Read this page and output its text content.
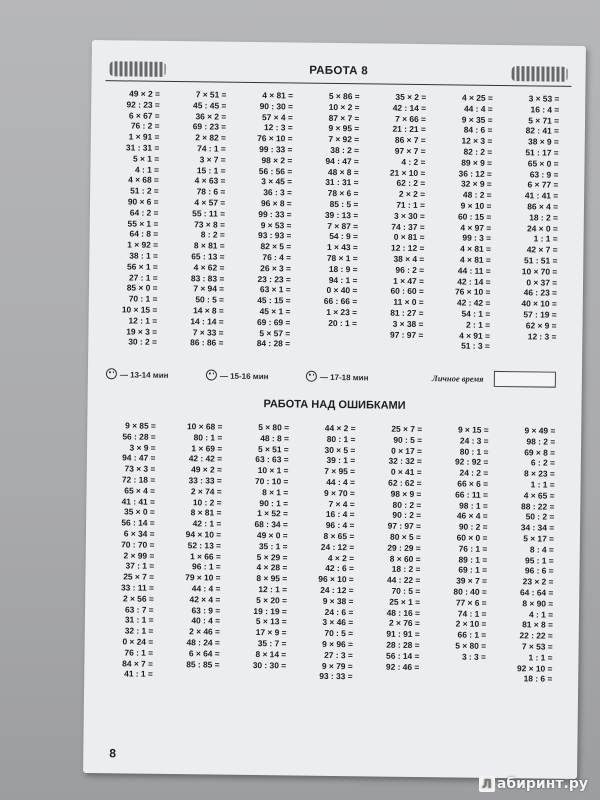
РАБОТА 8
49 × 2 =
92 : 23 =
6 × 67 =
76 : 2 =
1 × 91 =
31 : 31 =
5 × 1 =
4 : 1 =
4 × 68 =
51 : 2 =
90 × 6 =
64 : 2 =
55 × 1 =
64 : 8 =
1 × 92 =
38 : 1 =
56 × 1 =
27 : 1 =
85 × 0 =
70 : 1 =
10 × 15 =
12 : 1 =
19 × 3 =
30 : 2 =
7 × 51 =
45 : 45 =
36 × 2 =
69 : 23 =
2 × 82 =
74 : 1 =
3 × 7 =
15 : 1 =
4 × 63 =
78 : 6 =
4 × 57 =
55 : 11 =
73 × 8 =
8 : 2 =
8 × 81 =
65 : 13 =
4 × 62 =
83 : 83 =
7 × 94 =
50 : 5 =
14 × 8 =
14 : 14 =
7 × 33 =
86 : 86 =
4 × 81 =
90 : 30 =
57 × 4 =
12 : 3 =
76 × 10 =
99 : 33 =
98 × 2 =
56 : 56 =
3 × 45 =
36 : 3 =
96 × 8 =
99 : 33 =
9 × 53 =
93 : 93 =
82 × 5 =
76 : 4 =
26 × 3 =
23 : 23 =
63 × 1 =
45 : 15 =
45 × 1 =
69 : 69 =
5 × 57 =
84 : 28 =
5 × 86 =
10 × 2 =
87 × 7 =
9 × 95 =
7 × 92 =
38 : 2 =
94 : 47 =
48 × 8 =
31 : 31 =
78 × 6 =
85 : 5 =
39 : 13 =
7 × 87 =
54 : 9 =
1 × 43 =
78 × 1 =
18 : 9 =
94 : 1 =
0 × 40 =
66 : 66 =
1 × 23 =
20 : 1 =
35 × 2 =
42 : 14 =
7 × 66 =
21 : 21 =
86 × 7 =
97 × 7 =
4 : 2 =
21 × 10 =
62 : 2 =
2 × 2 =
71 : 1 =
3 × 30 =
74 : 37 =
0 × 81 =
12 : 12 =
38 × 4 =
96 : 2 =
1 × 47 =
60 : 60 =
11 × 0 =
81 : 27 =
3 × 38 =
97 : 97 =
4 × 25 =
44 : 4 =
9 × 35 =
84 : 6 =
12 × 3 =
82 : 2 =
89 × 9 =
36 : 12 =
32 × 9 =
48 : 2 =
9 × 10 =
60 : 15 =
4 × 97 =
99 : 3 =
4 × 81 =
4 × 81 =
44 : 11 =
42 : 14 =
76 × 10 =
42 : 42 =
54 : 1 =
2 : 1 =
4 × 91 =
51 : 3 =
3 × 53 =
16 : 4 =
5 × 71 =
82 : 41 =
38 × 9 =
51 : 17 =
65 × 0 =
63 : 9 =
6 × 77 =
41 : 41 =
86 × 4 =
18 : 2 =
24 × 0 =
1 : 1 =
42 × 7 =
51 : 51 =
10 × 70 =
0 × 37 =
46 : 23 =
40 × 10 =
57 : 19 =
62 × 9 =
12 : 3 =
— 13-14 мин	— 15-16 мин	— 17-18 мин	Личное время
РАБОТА НАД ОШИБКАМИ
9 × 85 =
56 : 28 =
3 × 9 =
94 : 47 =
73 × 3 =
72 : 18 =
65 × 4 =
41 : 41 =
35 × 0 =
56 : 14 =
6 × 34 =
70 : 70 =
2 × 99 =
37 : 1 =
25 × 7 =
33 : 11 =
2 × 56 =
63 : 7 =
31 : 1 =
32 : 1 =
0 × 24 =
76 : 1 =
84 × 7 =
41 : 1 =
10 × 68 =
80 : 1 =
1 × 69 =
42 : 42 =
49 × 2 =
33 : 33 =
2 × 74 =
10 : 2 =
8 × 81 =
42 : 1 =
94 × 10 =
52 : 13 =
1 × 66 =
96 : 1 =
79 × 10 =
44 : 4 =
42 × 4 =
63 : 9 =
40 : 4 =
2 × 46 =
48 : 24 =
6 × 64 =
85 : 85 =
5 × 80 =
48 : 8 =
5 × 51 =
63 : 63 =
10 × 1 =
70 : 10 =
8 × 1 =
90 : 1 =
1 × 52 =
68 : 34 =
49 × 0 =
35 : 1 =
5 × 29 =
4 × 28 =
8 × 95 =
12 : 1 =
5 × 20 =
19 : 19 =
5 × 13 =
17 × 9 =
35 : 7 =
8 × 14 =
30 : 30 =
44 × 2 =
80 : 1 =
30 × 5 =
39 : 1 =
7 × 95 =
44 : 4 =
9 × 70 =
7 × 4 =
16 : 4 =
96 : 4 =
8 × 65 =
24 : 12 =
4 × 2 =
42 : 6 =
96 × 10 =
24 : 12 =
9 × 38 =
24 : 6 =
3 × 46 =
70 : 5 =
9 × 96 =
27 : 3 =
9 × 79 =
93 : 33 =
25 × 7 =
90 : 5 =
0 × 17 =
32 : 32 =
0 × 41 =
62 : 62 =
98 × 9 =
80 : 2 =
90 : 2 =
97 : 97 =
80 × 5 =
29 : 29 =
8 × 60 =
18 : 2 =
44 : 22 =
70 : 5 =
25 × 1 =
48 : 16 =
2 × 76 =
91 : 91 =
28 : 28 =
56 : 14 =
92 : 46 =
9 × 15 =
24 : 3 =
80 : 1 =
92 : 92 =
24 : 2 =
66 × 6 =
66 : 11 =
98 : 1 =
46 × 4 =
90 : 2 =
60 × 0 =
76 : 1 =
89 : 1 =
69 : 1 =
39 × 7 =
80 : 40 =
77 × 6 =
74 : 1 =
2 × 10 =
66 : 1 =
5 × 80 =
3 : 3 =
9 × 49 =
98 : 2 =
69 × 8 =
6 : 2 =
8 × 23 =
1 : 1 =
4 × 65 =
88 : 22 =
50 : 2 =
34 : 34 =
5 × 17 =
8 : 4 =
95 : 1 =
96 : 6 =
23 × 2 =
64 : 64 =
8 × 90 =
4 : 1 =
81 × 8 =
22 : 22 =
7 × 53 =
1 : 1 =
92 × 10 =
18 : 6 =
8
Л абиринт.ру
